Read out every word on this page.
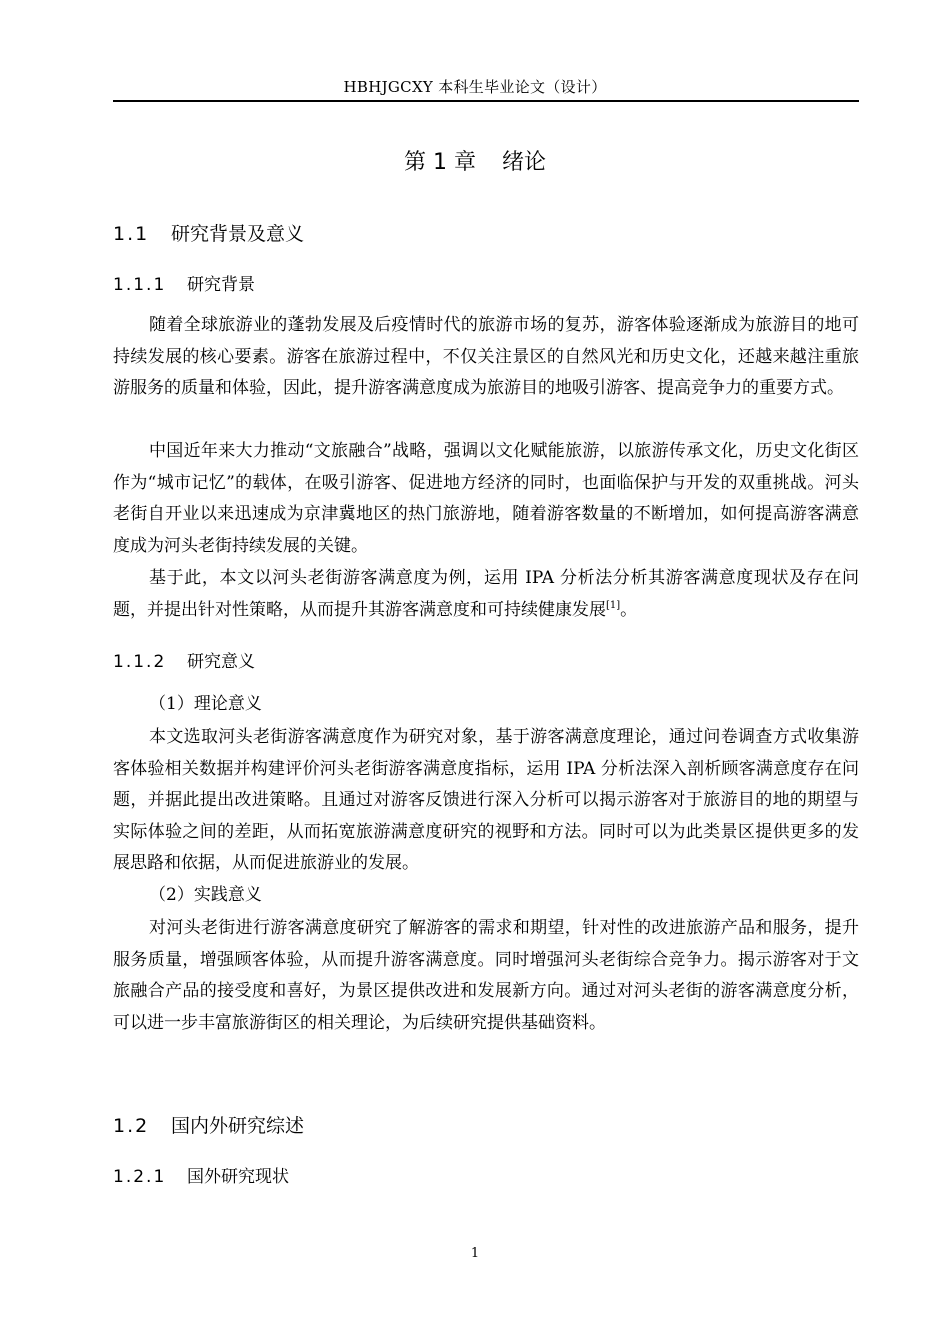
HBHJGCXY 本科生毕业论文（设计）
第 1 章 绪论
1.1 研究背景及意义
1.1.1 研究背景
随着全球旅游业的蓬勃发展及后疫情时代的旅游市场的复苏，游客体验逐渐成为旅游目的地可持续发展的核心要素。游客在旅游过程中，不仅关注景区的自然风光和历史文化，还越来越注重旅游服务的质量和体验，因此，提升游客满意度成为旅游目的地吸引游客、提高竞争力的重要方式。
中国近年来大力推动“文旅融合”战略，强调以文化赋能旅游，以旅游传承文化，历史文化街区作为“城市记忆”的载体，在吸引游客、促进地方经济的同时，也面临保护与开发的双重挑战。河头老街自开业以来迅速成为京津冀地区的热门旅游地，随着游客数量的不断增加，如何提高游客满意度成为河头老街持续发展的关键。
基于此，本文以河头老街游客满意度为例，运用 IPA 分析法分析其游客满意度现状及存在问题，并提出针对性策略，从而提升其游客满意度和可持续健康发展[1]。
1.1.2 研究意义
（1）理论意义
本文选取河头老街游客满意度作为研究对象，基于游客满意度理论，通过问卷调查方式收集游客体验相关数据并构建评价河头老街游客满意度指标，运用 IPA 分析法深入剖析顾客满意度存在问题，并据此提出改进策略。且通过对游客反馈进行深入分析可以揭示游客对于旅游目的地的期望与实际体验之间的差距，从而拓宽旅游满意度研究的视野和方法。同时可以为此类景区提供更多的发展思路和依据，从而促进旅游业的发展。
（2）实践意义
对河头老街进行游客满意度研究了解游客的需求和期望，针对性的改进旅游产品和服务，提升服务质量，增强顾客体验，从而提升游客满意度。同时增强河头老街综合竞争力。揭示游客对于文旅融合产品的接受度和喜好，为景区提供改进和发展新方向。通过对河头老街的游客满意度分析，可以进一步丰富旅游街区的相关理论，为后续研究提供基础资料。
1.2 国内外研究综述
1.2.1 国外研究现状
1
